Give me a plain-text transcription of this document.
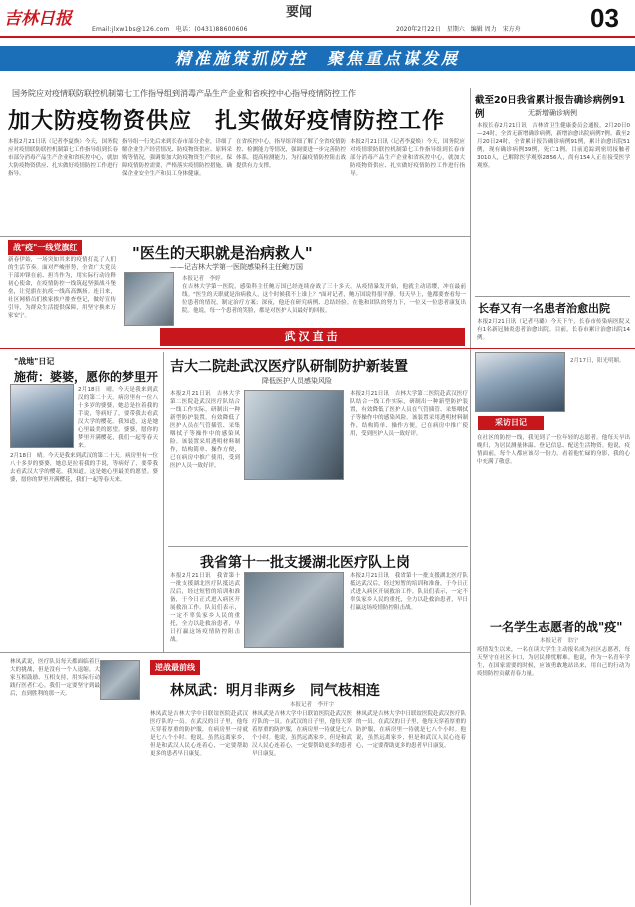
吉林日报
Email:jlxw1bs@126.com　电话：(0431)88600606
要闻
2020年2月22日　星期六　编辑 周力　宋方舟	03
精准施策抓防控　聚焦重点谋发展
国务院应对疫情联防联控机制第七工作指导组到消毒产品生产企业和省疾控中心指导疫情防控工作
加大防疫物资供应　扎实做好疫情防控工作
本报2月21日讯（记者李夏焕）今天，国务院应对疫情联防联控机制第七工作指导组到长春市部分消毒产品生产企业和省疾控中心，就加大防疫物资供应、扎实做好疫情防控工作进行指导。
指导组一行先后来到长春市部分企业，详细了解企业生产经营情况、防疫物资供应、原料采购等情况，强调要加大防疫物资生产供应，保障疫情防控需要，严格落实疫情防控措施，确保企业安全生产和员工身体健康。
在省疾控中心，指导组详细了解了全省疫情防控、检测能力等情况，强调要进一步完善防控体系，提高检测能力，为打赢疫情防控阻击战提供有力支撑。
本报2月21日讯（记者李夏焕）今天，国务院应对疫情联防联控机制第七工作指导组到长春市部分消毒产品生产企业和省疾控中心，就加大防疫物资供应、扎实做好疫情防控工作进行指导。
截至20日我省累计报告确诊病例91例	无新增确诊病例
本报长春2月21日讯　吉林省卫生健康委员会通报，2月20日0—24时，全省无新增确诊病例，新增治愈出院病例7例。截至2月20日24时，全省累计报告确诊病例91例，累计治愈出院51例，现有确诊病例39例，死亡1例。目前追踪到密切接触者3010人，已解除医学观察2856人，尚有154人正在接受医学观察。
长春又有一名患者治愈出院
本报2月21日讯（记者马璐）今天下午，长春市传染病医院又有1名新冠肺炎患者治愈出院。目前，长春市累计治愈出院14例。
战"疫"一线党旗红
新春伊始，一场突如其来的疫情打乱了人们的生活节奏。面对严峻形势，全省广大党员干部冲锋在前、担当作为，用实际行动诠释初心使命，在疫情防控一线筑起坚强战斗堡垒，让党旗在抗疫一线高高飘扬。连日来，社区网格员们挨家挨户排查登记，做好宣传引导，为群众生活提供保障，用坚守换来万家安宁。
"医生的天职就是治病救人"
——记吉林大学第一医院感染科主任鲍万国
本报记者　李婷
在吉林大学第一医院，感染科主任鲍万国已经连续奋战了三十多天。从疫情暴发开始，他就主动请缨，冲在最前线。"医生的天职就是治病救人，这个时候我不上谁上？"面对记者，鲍万国说得很平静。每天早上，他都要查看每一位患者的情况，制定治疗方案；深夜，他还在研究病例、总结经验。在他和团队的努力下，一位又一位患者康复出院。他说，每一个患者的笑脸，都是对医护人员最好的回报。
武汉直击
"战地"日记
施荷：婆婆，愿你的梦里开
2月18日　晴。今天是我来到武汉的第二十天。病房里有一位八十多岁的婆婆，她总是拉着我的手说，等病好了，要带我去看武汉大学的樱花。我知道，这是她心里最美的愿望。婆婆，愿你的梦里开满樱花，我们一起等春天来。
2月18日　晴。今天是我来到武汉的第二十天。病房里有一位八十多岁的婆婆，她总是拉着我的手说，等病好了，要带我去看武汉大学的樱花。我知道，这是她心里最美的愿望。婆婆，愿你的梦里开满樱花，我们一起等春天来。
吉大二院赴武汉医疗队研制防护新装置
降低医护人员感染风险
本报2月21日讯　吉林大学第二医院赴武汉医疗队结合一线工作实际，研制出一种新型防护装置，有效降低了医护人员在气管插管、采集咽拭子等操作中的感染风险。该装置采用透明材料制作，结构简单、操作方便，已在病房中推广使用，受到医护人员一致好评。
本报2月21日讯　吉林大学第二医院赴武汉医疗队结合一线工作实际，研制出一种新型防护装置，有效降低了医护人员在气管插管、采集咽拭子等操作中的感染风险。该装置采用透明材料制作，结构简单、操作方便，已在病房中推广使用，受到医护人员一致好评。
我省第十一批支援湖北医疗队上岗
本报2月21日讯　我省第十一批支援湖北医疗队抵达武汉后，经过短暂的培训和准备，于今日正式进入病区开展救治工作。队员们表示，一定不辜负家乡人民的重托，全力以赴救治患者，早日打赢这场疫情防控阻击战。
本报2月21日讯　我省第十一批支援湖北医疗队抵达武汉后，经过短暂的培训和准备，于今日正式进入病区开展救治工作。队员们表示，一定不辜负家乡人民的重托，全力以赴救治患者，早日打赢这场疫情防控阻击战。
2月17日，阳光明媚。
采访日记
在社区的防控一线，我见到了一位年轻的志愿者。他每天早出晚归，为居民测量体温、登记信息、配送生活物资。他说，疫情面前，每个人都应该尽一份力。看着他忙碌的身影，我的心中充满了敬意。
一名学生志愿者的战"疫"
本报记者　翁宁
疫情发生以来，一名在读大学生主动报名成为社区志愿者，每天坚守在社区卡口，为居民排忧解难。他说，作为一名青年学生，在国家需要的时候，应该勇敢地站出来，用自己的行动为疫情防控贡献青春力量。
林凤武说，医疗队员每天都面临着巨大的挑战，但是没有一个人退缩。大家互相鼓励、互相支持，用实际行动践行医者仁心。我们一定要坚守到最后，直到胜利的那一天。
逆战最前线
林凤武：明月非两乡　同气枝相连
本报记者　李开宇
林凤武是吉林大学中日联谊医院赴武汉医疗队的一员。在武汉的日子里，他每天穿着厚重的防护服，在病房里一待就是七八个小时。他说，虽然远离家乡，但是和武汉人民心连着心，一定要帮助更多的患者早日康复。
林凤武是吉林大学中日联谊医院赴武汉医疗队的一员。在武汉的日子里，他每天穿着厚重的防护服，在病房里一待就是七八个小时。他说，虽然远离家乡，但是和武汉人民心连着心，一定要帮助更多的患者早日康复。
林凤武是吉林大学中日联谊医院赴武汉医疗队的一员。在武汉的日子里，他每天穿着厚重的防护服，在病房里一待就是七八个小时。他说，虽然远离家乡，但是和武汉人民心连着心，一定要帮助更多的患者早日康复。
